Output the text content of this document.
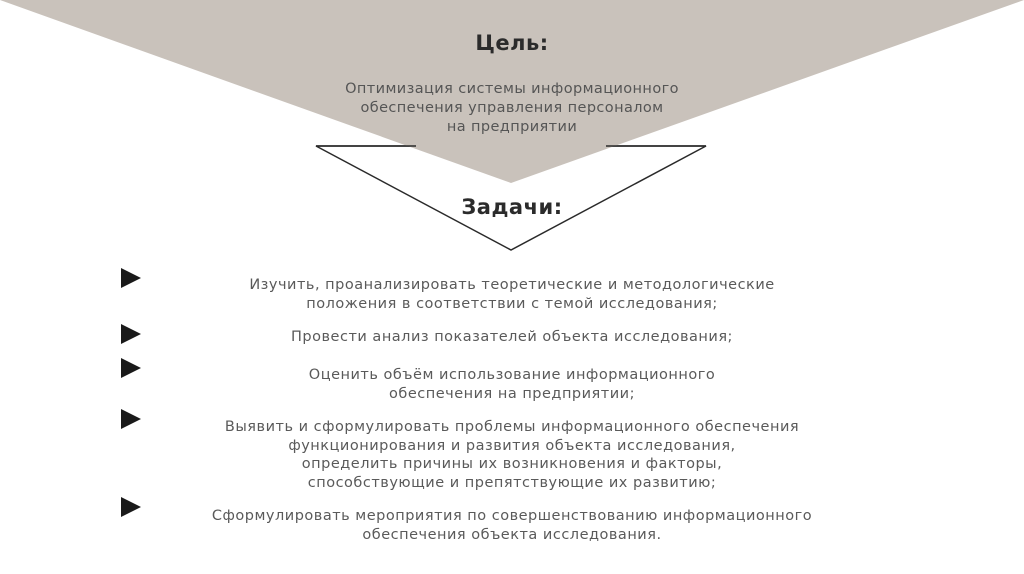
Цель:
Оптимизация системы информационного
обеспечения управления персоналом
на предприятии
Задачи:
Изучить, проанализировать теоретические и методологические
положения в соответствии с темой исследования;
Провести анализ показателей объекта исследования;
Оценить объём использование информационного
обеспечения на предприятии;
Выявить и сформулировать проблемы информационного обеспечения
функционирования и развития объекта исследования,
определить причины их возникновения и факторы,
способствующие и препятствующие их развитию;
Сформулировать мероприятия по совершенствованию информационного
обеспечения объекта исследования.
